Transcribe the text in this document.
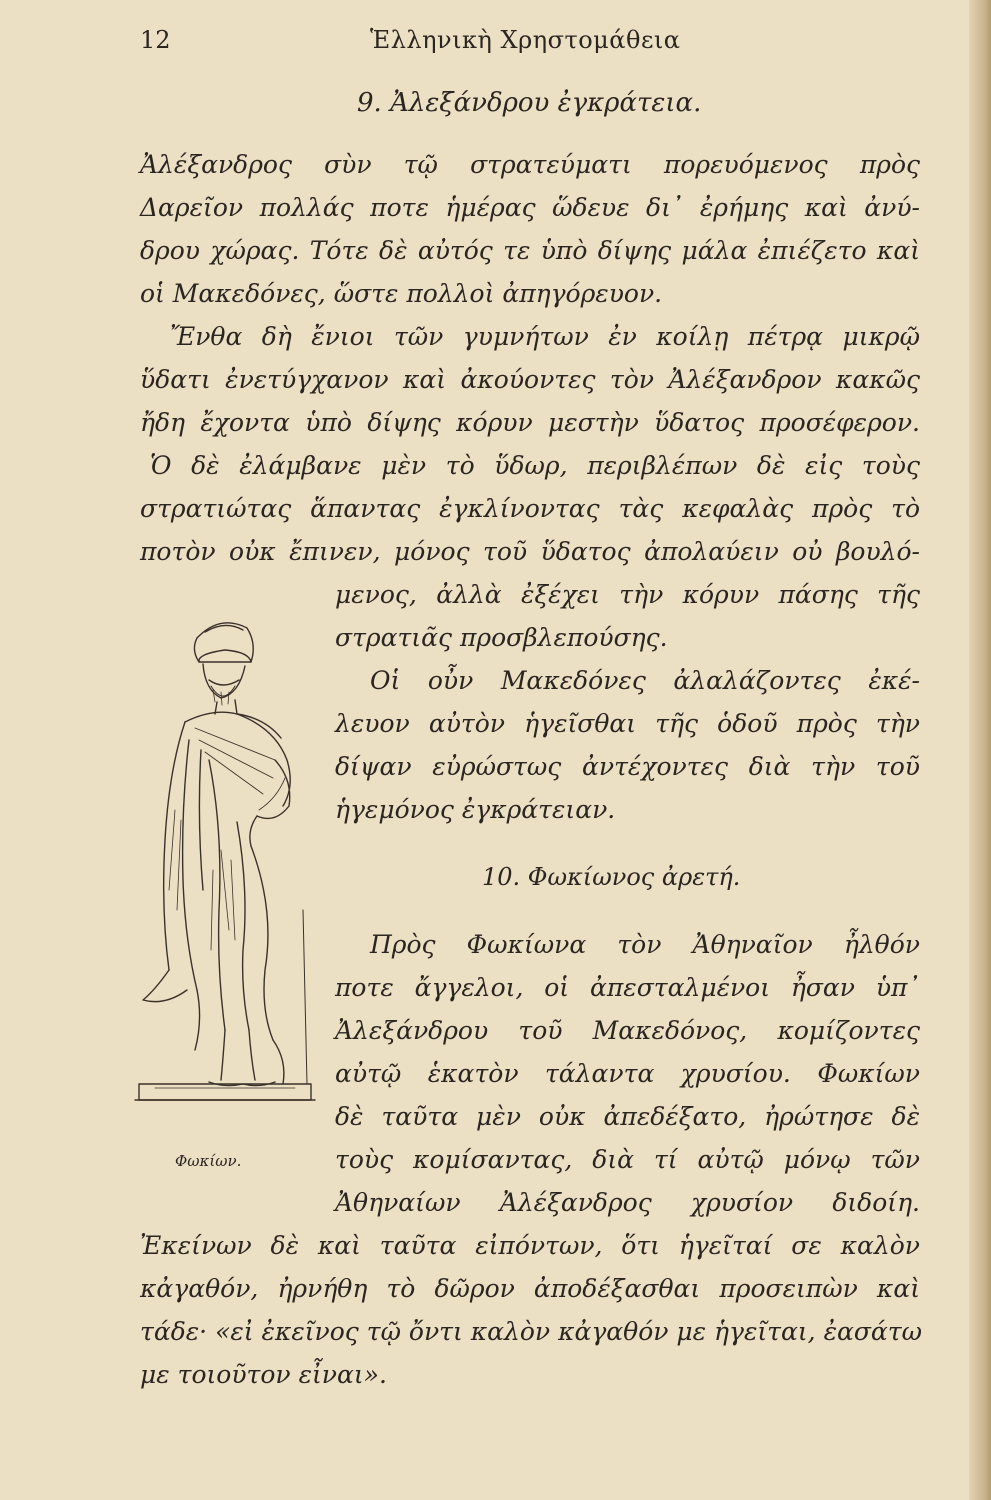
12	Ἑλληνικὴ Χρηστομάθεια
9. Ἀλεξάνδρου ἐγκράτεια.
Ἀλέξανδρος σὺν τῷ στρατεύματι πορευόμενος πρὸς
Δαρεῖον πολλάς ποτε ἡμέρας ὥδευε δι᾿ ἐρήμης καὶ ἀνύ-
δρου χώρας. Τότε δὲ αὐτός τε ὑπὸ δίψης μάλα ἐπιέζετο καὶ
οἱ Μακεδόνες, ὥστε πολλοὶ ἀπηγόρευον.
Ἔνθα δὴ ἔνιοι τῶν γυμνήτων ἐν κοίλῃ πέτρᾳ μικρῷ
ὕδατι ἐνετύγχανον καὶ ἀκούοντες τὸν Ἀλέξανδρον κακῶς
ἤδη ἔχοντα ὑπὸ δίψης κόρυν μεστὴν ὕδατος προσέφερον.
Ὁ δὲ ἐλάμβανε μὲν τὸ ὕδωρ, περιβλέπων δὲ εἰς τοὺς
στρατιώτας ἅπαντας ἐγκλίνοντας τὰς κεφαλὰς πρὸς τὸ
ποτὸν οὐκ ἔπινεν, μόνος τοῦ ὕδατος ἀπολαύειν οὐ βουλό-
μενος, ἀλλὰ ἐξέχει τὴν κόρυν πάσης τῆς
στρατιᾶς προσβλεπούσης.
Οἱ οὖν Μακεδόνες ἀλαλάζοντες ἐκέ-
λευον αὐτὸν ἡγεῖσθαι τῆς ὁδοῦ πρὸς τὴν
δίψαν εὐρώστως ἀντέχοντες διὰ τὴν τοῦ
ἡγεμόνος ἐγκράτειαν.
10. Φωκίωνος ἀρετή.
Πρὸς Φωκίωνα τὸν Ἀθηναῖον ἦλθόν
ποτε ἄγγελοι, οἱ ἀπεσταλμένοι ἦσαν ὑπ᾿
Ἀλεξάνδρου τοῦ Μακεδόνος, κομίζοντες
αὐτῷ ἑκατὸν τάλαντα χρυσίου. Φωκίων
δὲ ταῦτα μὲν οὐκ ἀπεδέξατο, ἠρώτησε δὲ
τοὺς κομίσαντας, διὰ τί αὐτῷ μόνῳ τῶν
Ἀθηναίων Ἀλέξανδρος χρυσίον διδοίη.
Ἐκείνων δὲ καὶ ταῦτα εἰπόντων, ὅτι ἡγεῖταί σε καλὸν
κἀγαθόν, ἠρνήθη τὸ δῶρον ἀποδέξασθαι προσειπὼν καὶ
τάδε· «εἰ ἐκεῖνος τῷ ὄντι καλὸν κἀγαθόν με ἡγεῖται, ἐασάτω
με τοιοῦτον εἶναι».
Φωκίων.
